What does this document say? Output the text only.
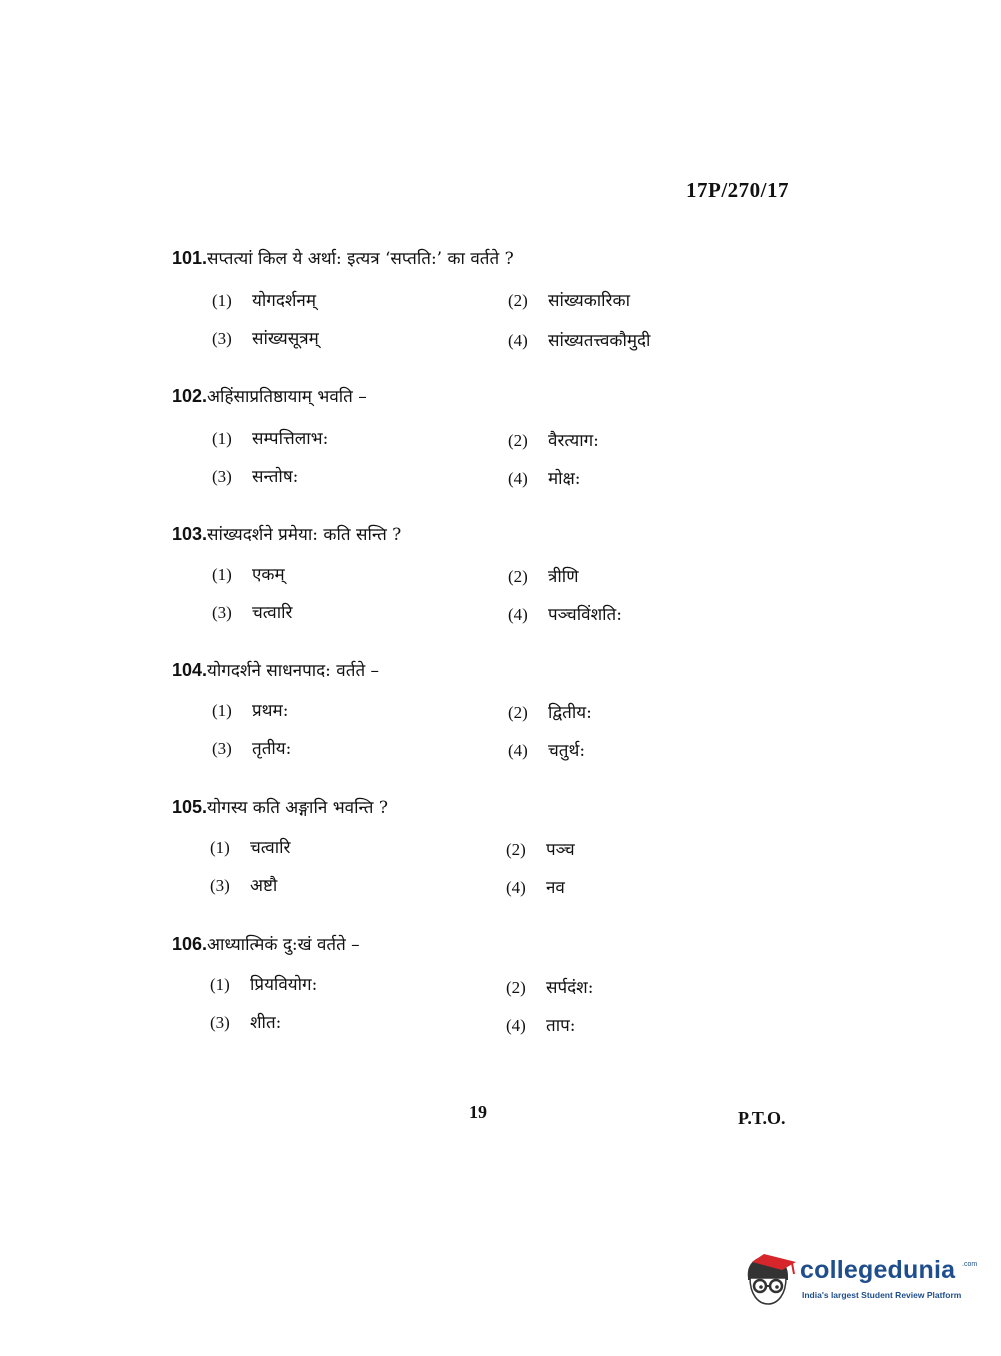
17P/270/17
101.सप्तत्यां किल ये अर्था: इत्यत्र ‘सप्तति:’ का वर्तते ?
(1) योगदर्शनम्	(2) सांख्यकारिका
(3) सांख्यसूत्रम्	(4) सांख्यतत्त्वकौमुदी
102.अहिंसाप्रतिष्ठायाम् भवति –
(1) सम्पत्तिलाभ:	(2) वैरत्याग:
(3) सन्तोष:	(4) मोक्ष:
103.सांख्यदर्शने प्रमेया: कति सन्ति ?
(1) एकम्	(2) त्रीणि
(3) चत्वारि	(4) पञ्चविंशति:
104.योगदर्शने साधनपाद: वर्तते –
(1) प्रथम:	(2) द्वितीय:
(3) तृतीय:	(4) चतुर्थ:
105.योगस्य कति अङ्गानि भवन्ति ?
(1) चत्वारि	(2) पञ्च
(3) अष्टौ	(4) नव
106.आध्यात्मिकं दु:खं वर्तते –
(1) प्रियवियोग:	(2) सर्पदंश:
(3) शीत:	(4) ताप:
19	P.T.O.
collegedunia .com
India's largest Student Review Platform
